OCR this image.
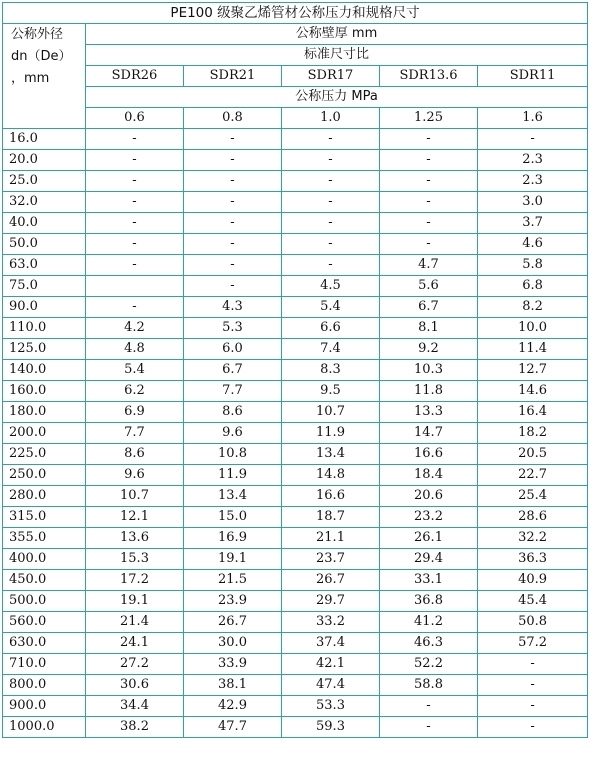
PE100 级聚乙烯管材公称压力和规格尺寸					

公称外径
dn（De）
，mm	公称壁厚 mm				
	标准尺寸比				
	SDR26	SDR21	SDR17	SDR13.6	SDR11
	公称压力 MPa				
	0.6	0.8	1.0	1.25	1.6
16.0	-	-	-	-	-
20.0	-	-	-	-	2.3
25.0	-	-	-	-	2.3
32.0	-	-	-	-	3.0
40.0	-	-	-	-	3.7
50.0	-	-	-	-	4.6
63.0	-	-	-	4.7	5.8
75.0		-	4.5	5.6	6.8
90.0	-	4.3	5.4	6.7	8.2
110.0	4.2	5.3	6.6	8.1	10.0
125.0	4.8	6.0	7.4	9.2	11.4
140.0	5.4	6.7	8.3	10.3	12.7
160.0	6.2	7.7	9.5	11.8	14.6
180.0	6.9	8.6	10.7	13.3	16.4
200.0	7.7	9.6	11.9	14.7	18.2
225.0	8.6	10.8	13.4	16.6	20.5
250.0	9.6	11.9	14.8	18.4	22.7
280.0	10.7	13.4	16.6	20.6	25.4
315.0	12.1	15.0	18.7	23.2	28.6
355.0	13.6	16.9	21.1	26.1	32.2
400.0	15.3	19.1	23.7	29.4	36.3
450.0	17.2	21.5	26.7	33.1	40.9
500.0	19.1	23.9	29.7	36.8	45.4
560.0	21.4	26.7	33.2	41.2	50.8
630.0	24.1	30.0	37.4	46.3	57.2
710.0	27.2	33.9	42.1	52.2	-
800.0	30.6	38.1	47.4	58.8	-
900.0	34.4	42.9	53.3	-	-
1000.0	38.2	47.7	59.3	-	-
